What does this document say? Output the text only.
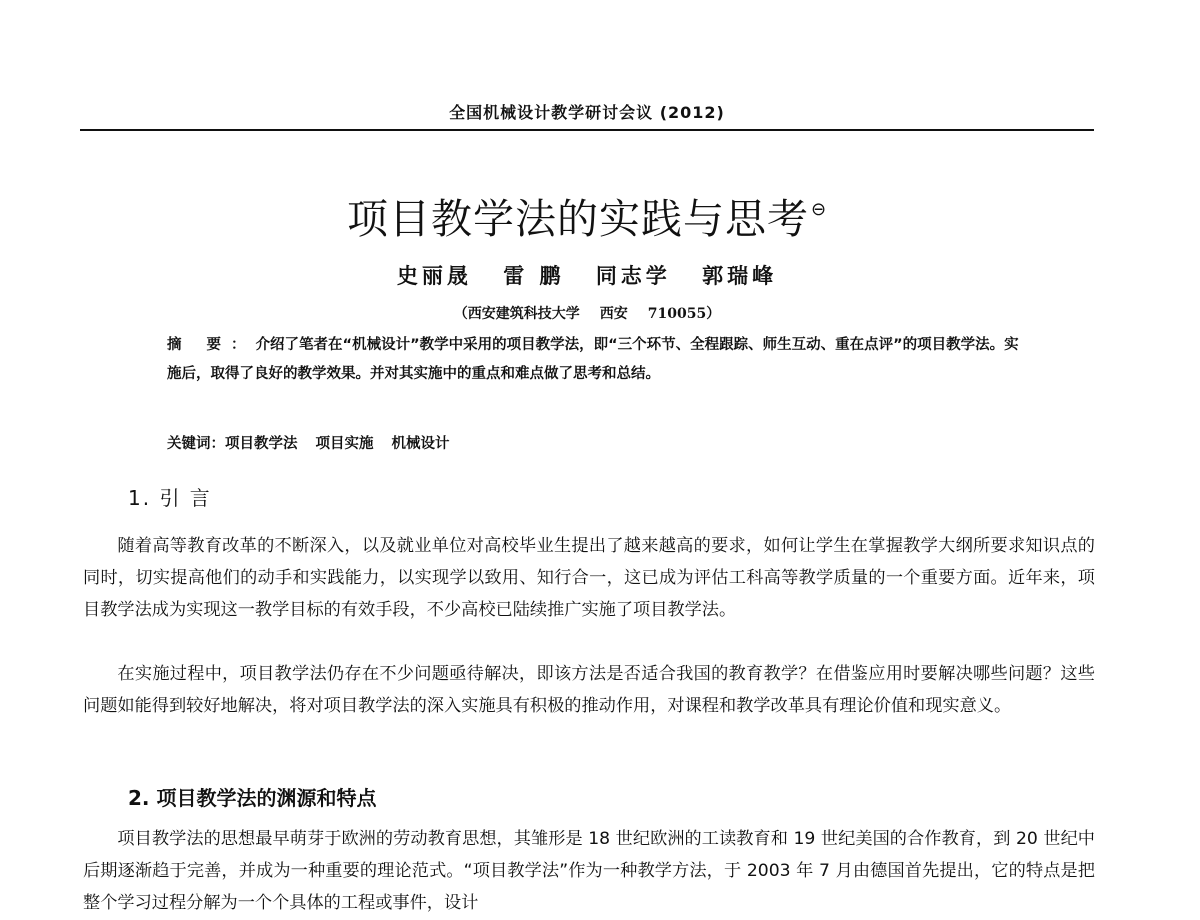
全国机械设计教学研讨会议 (2012)
项目教学法的实践与思考 ⊖
史丽晟 雷 鹏 同志学 郭瑞峰
（西安建筑科技大学 西安 710055）
摘 要：介绍了笔者在“机械设计”教学中采用的项目教学法，即“三个环节、全程跟踪、师生互动、重在点评”的项目教学法。实施后，取得了良好的教学效果。并对其实施中的重点和难点做了思考和总结。
关键词：项目教学法 项目实施 机械设计
1. 引 言

随着高等教育改革的不断深入，以及就业单位对高校毕业生提出了越来越高的要求，如何让学生在掌握教学大纲所要求知识点的同时，切实提高他们的动手和实践能力，以实现学以致用、知行合一，这已成为评估工科高等教学质量的一个重要方面。近年来，项目教学法成为实现这一教学目标的有效手段，不少高校已陆续推广实施了项目教学法。

在实施过程中，项目教学法仍存在不少问题亟待解决，即该方法是否适合我国的教育教学？在借鉴应用时要解决哪些问题？这些问题如能得到较好地解决，将对项目教学法的深入实施具有积极的推动作用，对课程和教学改革具有理论价值和现实意义。

2. 项目教学法的渊源和特点

项目教学法的思想最早萌芽于欧洲的劳动教育思想，其雏形是 18 世纪欧洲的工读教育和 19 世纪美国的合作教育，到 20 世纪中后期逐渐趋于完善，并成为一种重要的理论范式。“项目教学法”作为一种教学方法，于 2003 年 7 月由德国首先提出，它的特点是把整个学习过程分解为一个个具体的工程或事件，设计
